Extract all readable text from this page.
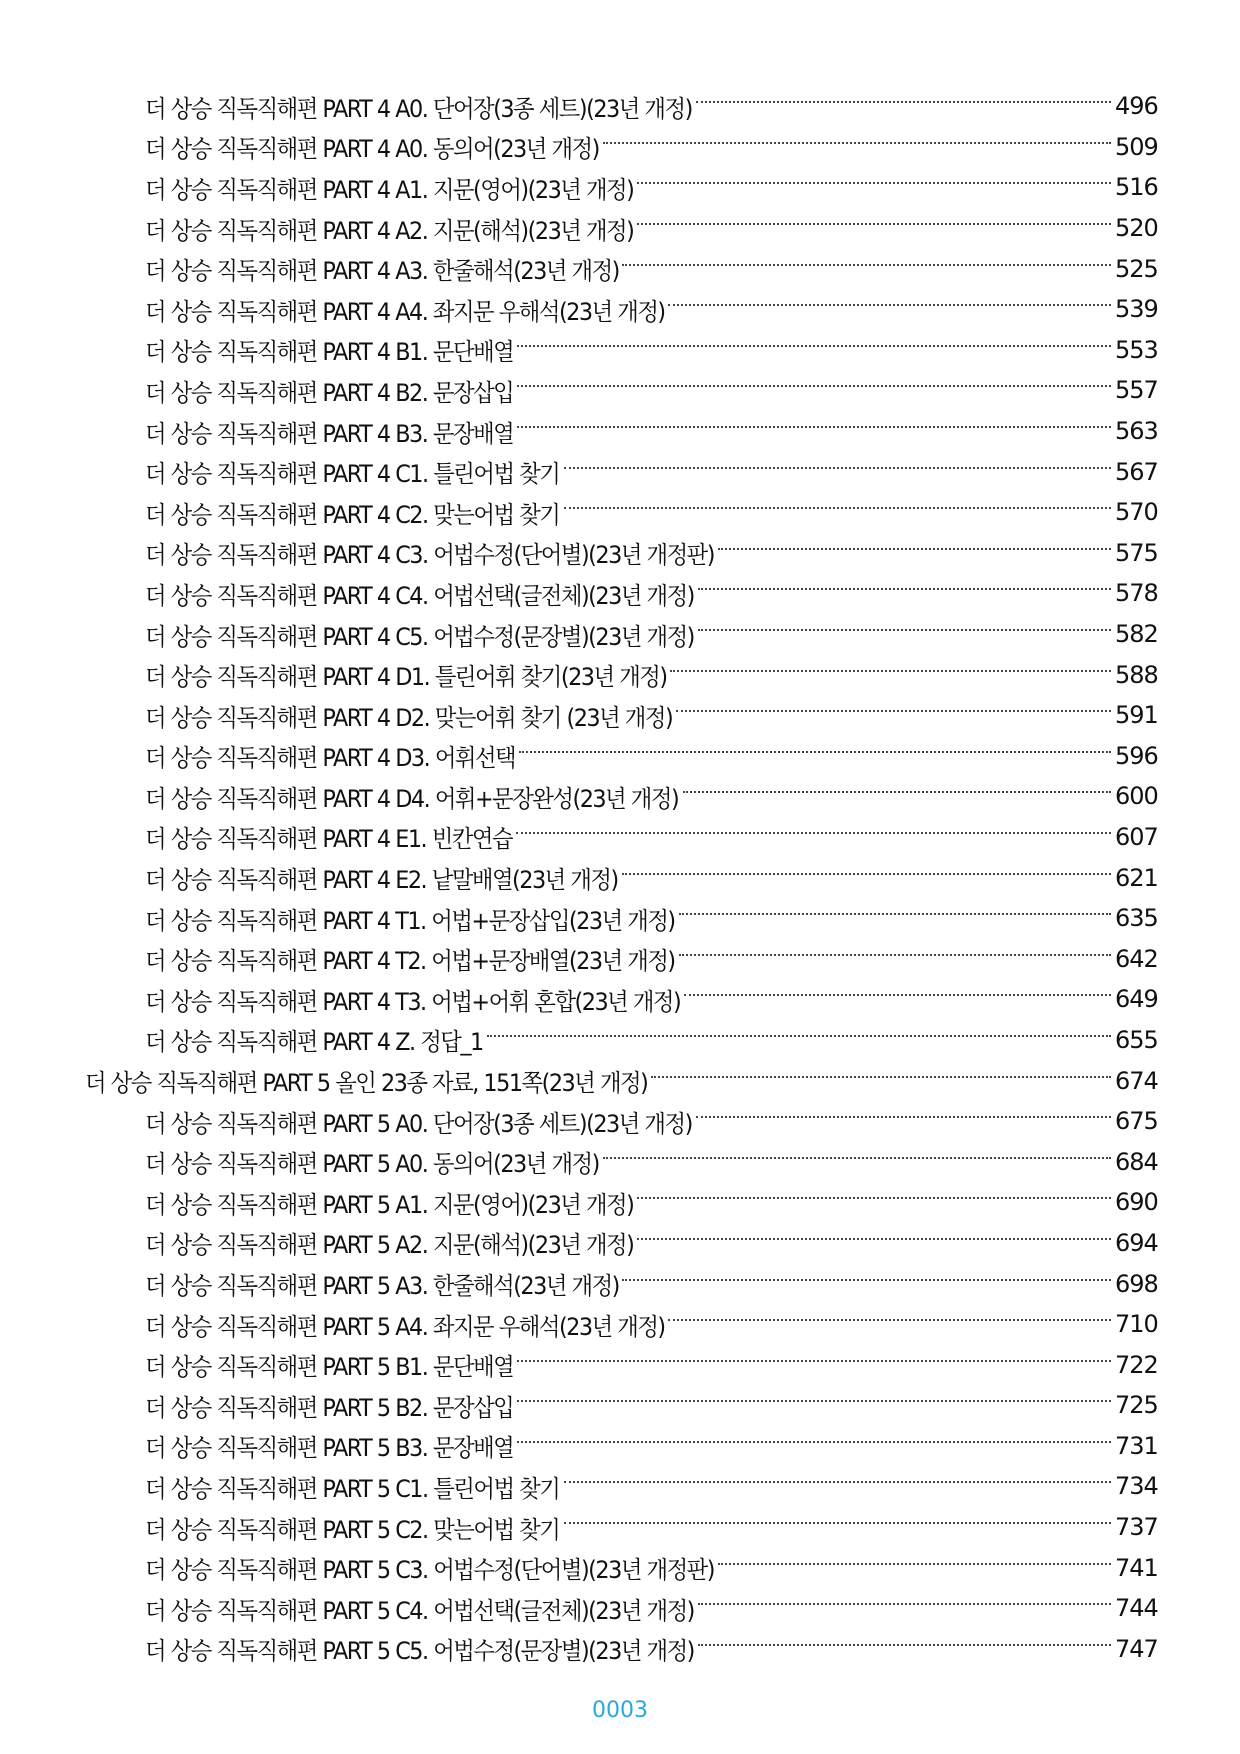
더 상승 직독직해편 PART 4 A0. 단어장(3종 세트)(23년 개정)	496
더 상승 직독직해편 PART 4 A0. 동의어(23년 개정)	509
더 상승 직독직해편 PART 4 A1. 지문(영어)(23년 개정)	516
더 상승 직독직해편 PART 4 A2. 지문(해석)(23년 개정)	520
더 상승 직독직해편 PART 4 A3. 한줄해석(23년 개정)	525
더 상승 직독직해편 PART 4 A4. 좌지문 우해석(23년 개정)	539
더 상승 직독직해편 PART 4 B1. 문단배열	553
더 상승 직독직해편 PART 4 B2. 문장삽입	557
더 상승 직독직해편 PART 4 B3. 문장배열	563
더 상승 직독직해편 PART 4 C1. 틀린어법 찾기	567
더 상승 직독직해편 PART 4 C2. 맞는어법 찾기	570
더 상승 직독직해편 PART 4 C3. 어법수정(단어별)(23년 개정판)	575
더 상승 직독직해편 PART 4 C4. 어법선택(글전체)(23년 개정)	578
더 상승 직독직해편 PART 4 C5. 어법수정(문장별)(23년 개정)	582
더 상승 직독직해편 PART 4 D1. 틀린어휘 찾기(23년 개정)	588
더 상승 직독직해편 PART 4 D2. 맞는어휘 찾기 (23년 개정)	591
더 상승 직독직해편 PART 4 D3. 어휘선택	596
더 상승 직독직해편 PART 4 D4. 어휘+문장완성(23년 개정)	600
더 상승 직독직해편 PART 4 E1. 빈칸연습	607
더 상승 직독직해편 PART 4 E2. 낱말배열(23년 개정)	621
더 상승 직독직해편 PART 4 T1. 어법+문장삽입(23년 개정)	635
더 상승 직독직해편 PART 4 T2. 어법+문장배열(23년 개정)	642
더 상승 직독직해편 PART 4 T3. 어법+어휘 혼합(23년 개정)	649
더 상승 직독직해편 PART 4 Z. 정답_1	655
더 상승 직독직해편 PART 5 올인 23종 자료, 151쪽(23년 개정)	674
더 상승 직독직해편 PART 5 A0. 단어장(3종 세트)(23년 개정)	675
더 상승 직독직해편 PART 5 A0. 동의어(23년 개정)	684
더 상승 직독직해편 PART 5 A1. 지문(영어)(23년 개정)	690
더 상승 직독직해편 PART 5 A2. 지문(해석)(23년 개정)	694
더 상승 직독직해편 PART 5 A3. 한줄해석(23년 개정)	698
더 상승 직독직해편 PART 5 A4. 좌지문 우해석(23년 개정)	710
더 상승 직독직해편 PART 5 B1. 문단배열	722
더 상승 직독직해편 PART 5 B2. 문장삽입	725
더 상승 직독직해편 PART 5 B3. 문장배열	731
더 상승 직독직해편 PART 5 C1. 틀린어법 찾기	734
더 상승 직독직해편 PART 5 C2. 맞는어법 찾기	737
더 상승 직독직해편 PART 5 C3. 어법수정(단어별)(23년 개정판)	741
더 상승 직독직해편 PART 5 C4. 어법선택(글전체)(23년 개정)	744
더 상승 직독직해편 PART 5 C5. 어법수정(문장별)(23년 개정)	747
0003
